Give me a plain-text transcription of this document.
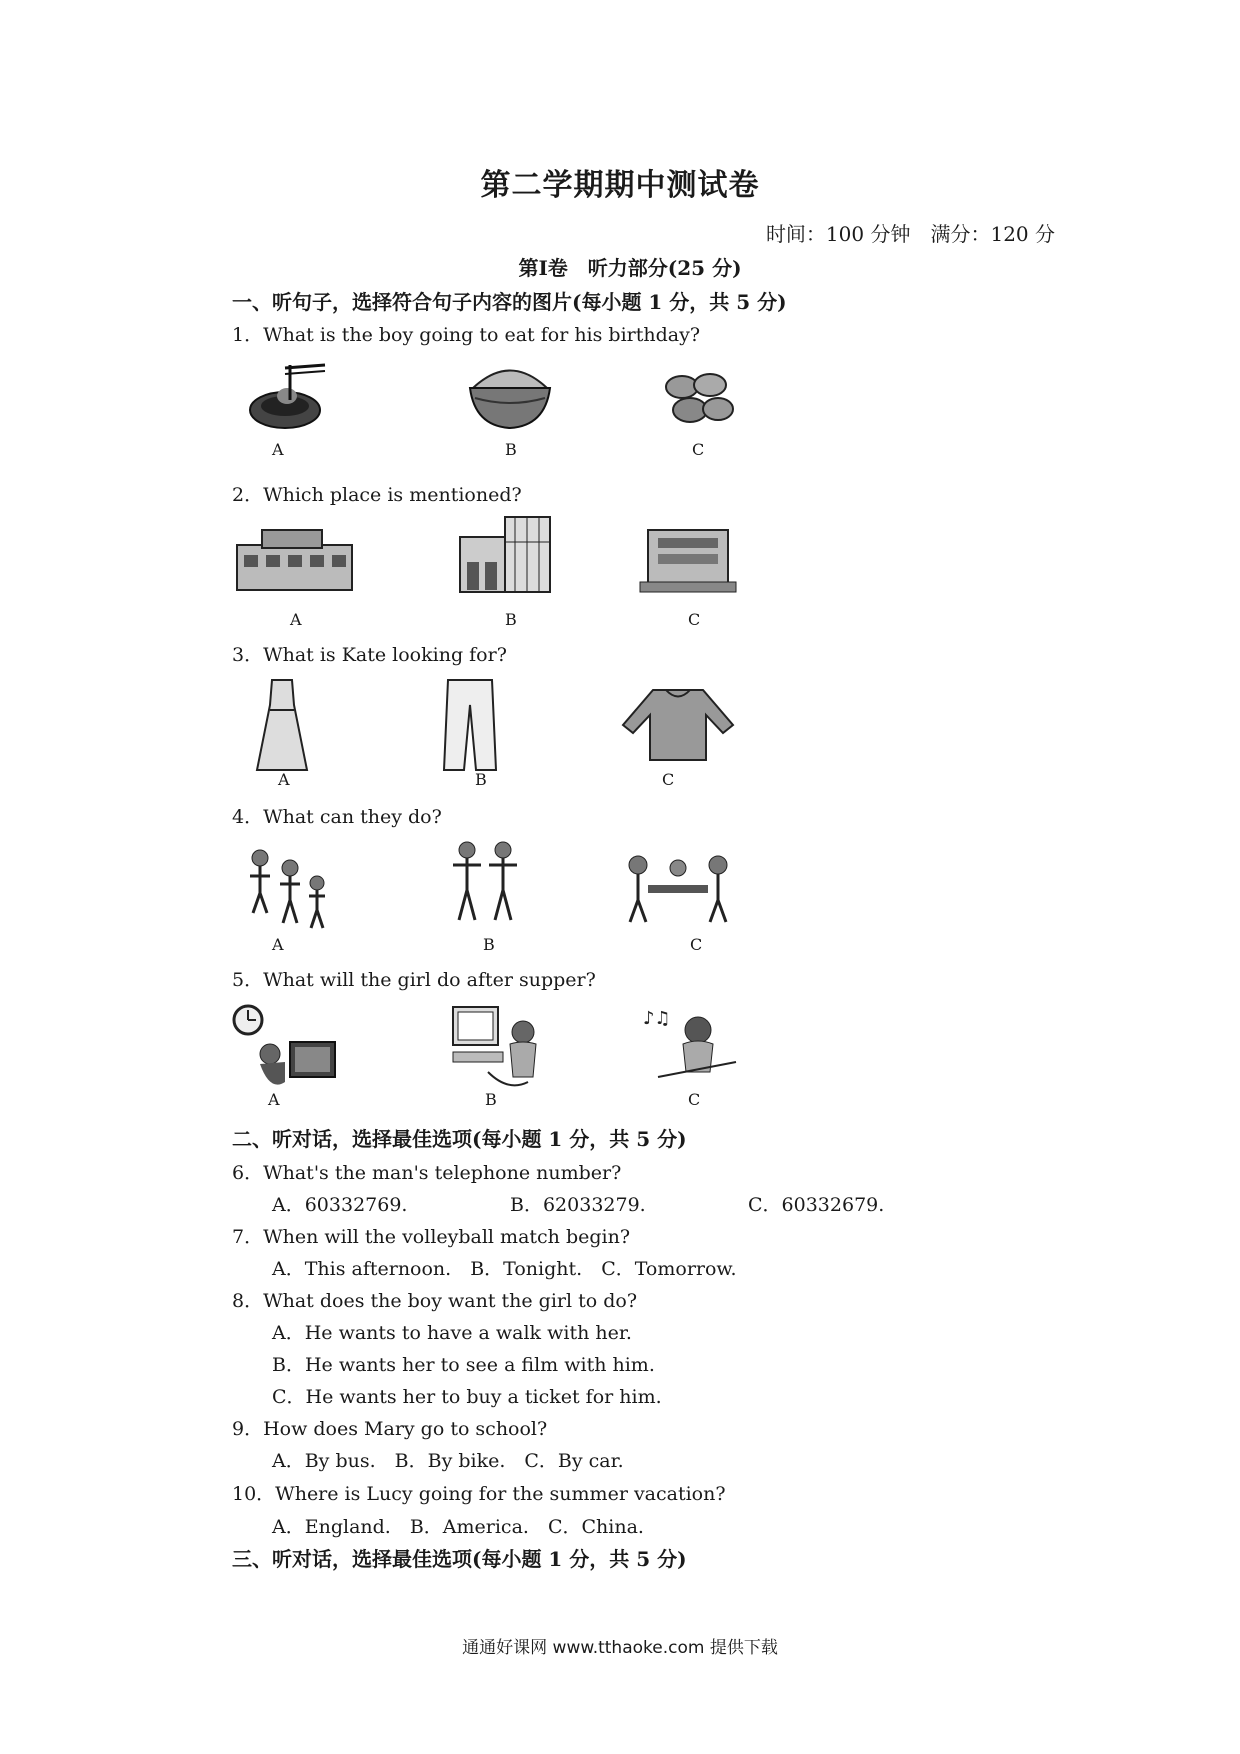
第二学期期中测试卷
时间：100 分钟　满分：120 分
第Ⅰ卷　听力部分(25 分)
一、听句子，选择符合句子内容的图片(每小题 1 分，共 5 分)
1．What is the boy going to eat for his birthday?
A	B	C
2．Which place is mentioned?
A	B	C
3．What is Kate looking for?
A	B	C
4．What can they do?
A	B	C
5．What will the girl do after supper?
♪♫
A	B	C
二、听对话，选择最佳选项(每小题 1 分，共 5 分)
6．What's the man's telephone number?
A．60332769.	B．62033279.	C．60332679.
7．When will the volleyball match begin?
A．This afternoon.　B．Tonight.　C．Tomorrow.
8．What does the boy want the girl to do?
A．He wants to have a walk with her.
B．He wants her to see a film with him.
C．He wants her to buy a ticket for him.
9．How does Mary go to school?
A．By bus.　B．By bike.　C．By car.
10．Where is Lucy going for the summer vacation?
A．England.　B．America.　C．China.
三、听对话，选择最佳选项(每小题 1 分，共 5 分)
通通好课网 www.tthaoke.com 提供下载
